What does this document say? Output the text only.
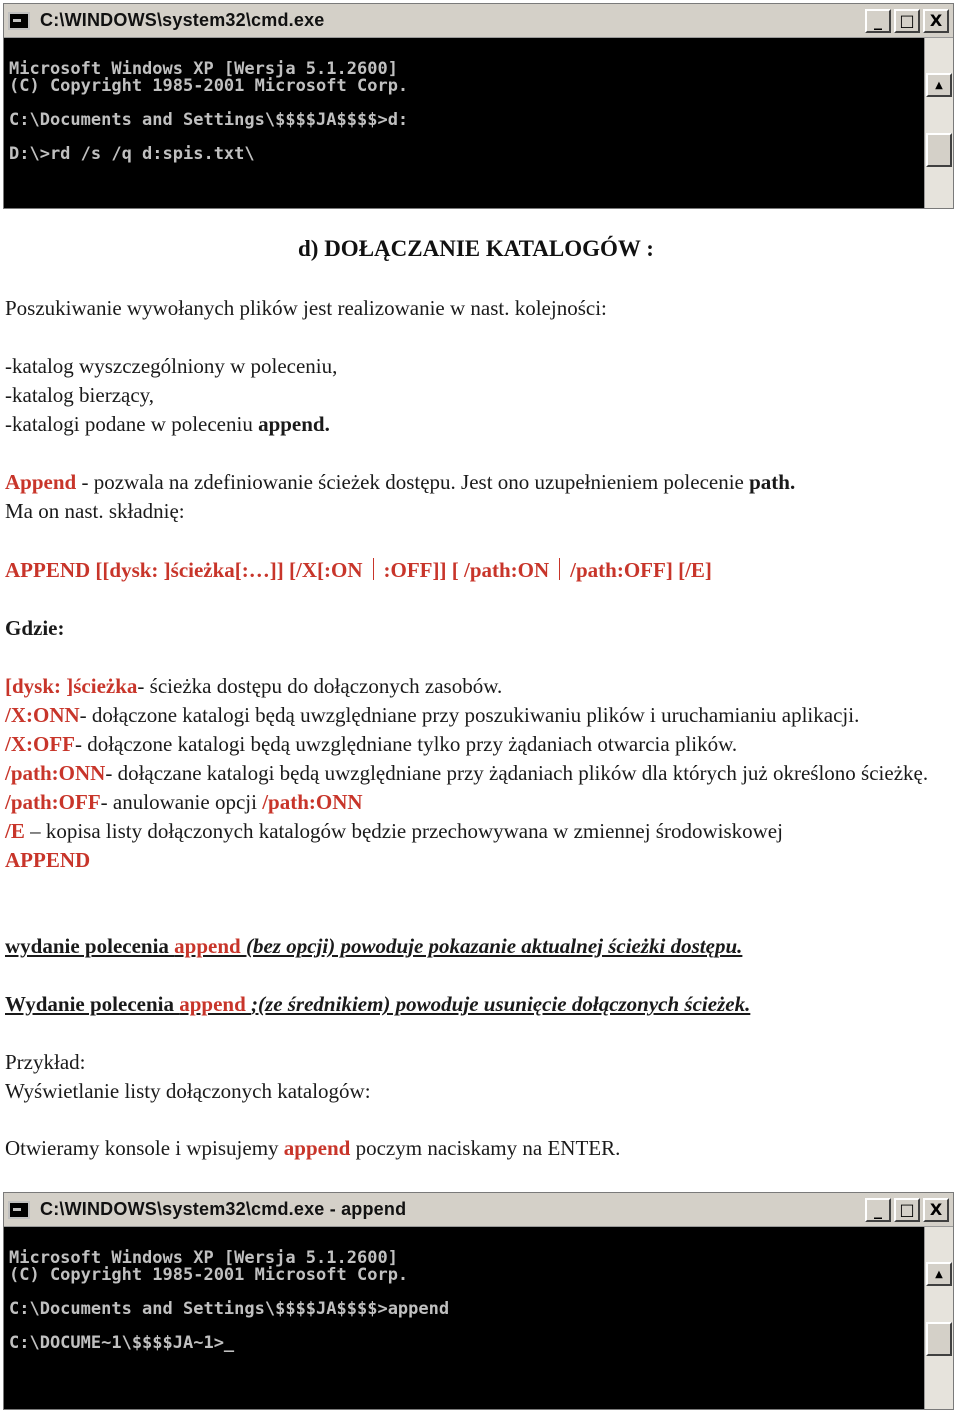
C:\WINDOWS\system32\cmd.exe	_	□ X

Microsoft Windows XP [Wersja 5.1.2600]
(C) Copyright 1985-2001 Microsoft Corp.

C:\Documents and Settings\$$$$JA$$$$>d:

D:\>rd /s /q d:spis.txt\

▲

d) DOŁĄCZANIE KATALOGÓW :
Poszukiwanie wywołanych plików jest realizowanie w nast. kolejności:
-katalog wyszczególniony w poleceniu,
-katalog bierzący,
-katalogi podane w poleceniu append.
Append - pozwala na zdefiniowanie ścieżek dostępu. Jest ono uzupełnieniem polecenie path.
Ma on nast. składnię:
APPEND [[dysk: ]ścieżka[:…]] [/X[:ON :OFF]] [ /path:ON /path:OFF] [/E]
Gdzie:
[dysk: ]ścieżka- ścieżka dostępu do dołączonych zasobów.
/X:ONN- dołączone katalogi będą uwzględniane przy poszukiwaniu plików i uruchamianiu aplikacji.
/X:OFF- dołączone katalogi będą uwzględniane tylko przy żądaniach otwarcia plików.
/path:ONN- dołączane katalogi będą uwzględniane przy żądaniach plików dla których już określono ścieżkę.
/path:OFF- anulowanie opcji /path:ONN
/E – kopisa listy dołączonych katalogów będzie przechowywana w zmiennej środowiskowej
APPEND
wydanie polecenia append (bez opcji) powoduje pokazanie aktualnej ścieżki dostępu.
Wydanie polecenia append ;(ze średnikiem) powoduje usunięcie dołączonych ścieżek.
Przykład:
Wyświetlanie listy dołączonych katalogów:
Otwieramy konsole i wpisujemy append poczym naciskamy na ENTER.
C:\WINDOWS\system32\cmd.exe - append	_	□ X

Microsoft Windows XP [Wersja 5.1.2600]
(C) Copyright 1985-2001 Microsoft Corp.

C:\Documents and Settings\$$$$JA$$$$>append

C:\DOCUME~1\$$$$JA~1>_

▲
